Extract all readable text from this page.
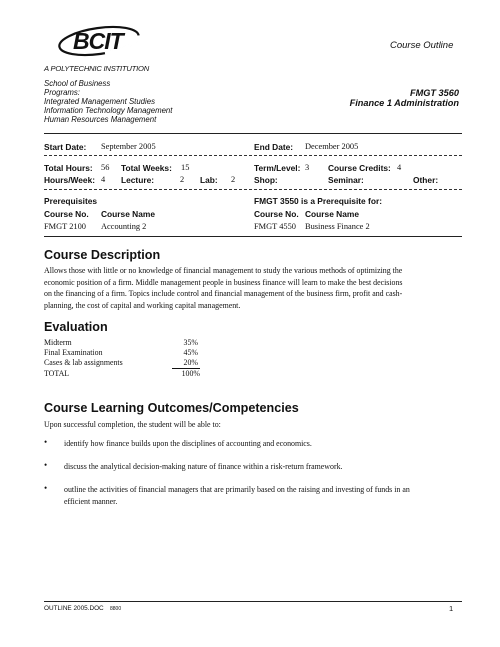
BCIT
A POLYTECHNIC INSTITUTION
Course Outline
School of Business
Programs:
Integrated Management Studies
Information Technology Management
Human Resources Management
FMGT 3560
Finance 1 Administration
Start Date: September 2005	End Date: December 2005
Total Hours: 56 Total Weeks: 15	Term/Level: 3 Course Credits: 4
Hours/Week: 4 Lecture:	2 Lab: 2 Shop:	Seminar:	Other:
Prerequisites
Course No. Course Name
FMGT 2100 Accounting 2
FMGT 3550 is a Prerequisite for:
Course No. Course Name
FMGT 4550 Business Finance 2
Course Description
Allows those with little or no knowledge of financial management to study the various methods of optimizing the
economic position of a firm. Middle management people in business finance will learn to make the best decisions
on the financing of a firm. Topics include control and financial management of the business firm, profit and cash-
planning, the cost of capital and working capital management.
Evaluation
Midterm	35%
Final Examination	45%
Cases & lab assignments	20%
TOTAL	100%
Course Learning Outcomes/Competencies
Upon successful completion, the student will be able to:
• identify how finance builds upon the disciplines of accounting and economics.
• discuss the analytical decision-making nature of finance within a risk-return framework.
• outline the activities of financial managers that are primarily based on the raising and investing of funds in an
efficient manner.
OUTLINE 2005.DOC 8800	1
